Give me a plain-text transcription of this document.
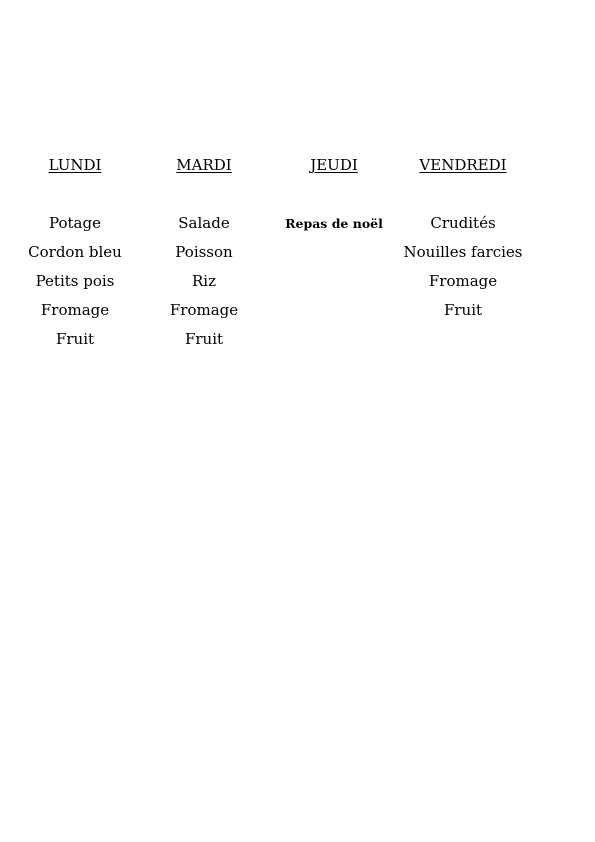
LUNDI
Potage
Cordon bleu
Petits pois
Fromage
Fruit
MARDI
Salade
Poisson
Riz
Fromage
Fruit
JEUDI
Repas de noël
VENDREDI
Crudités
Nouilles farcies
Fromage
Fruit
